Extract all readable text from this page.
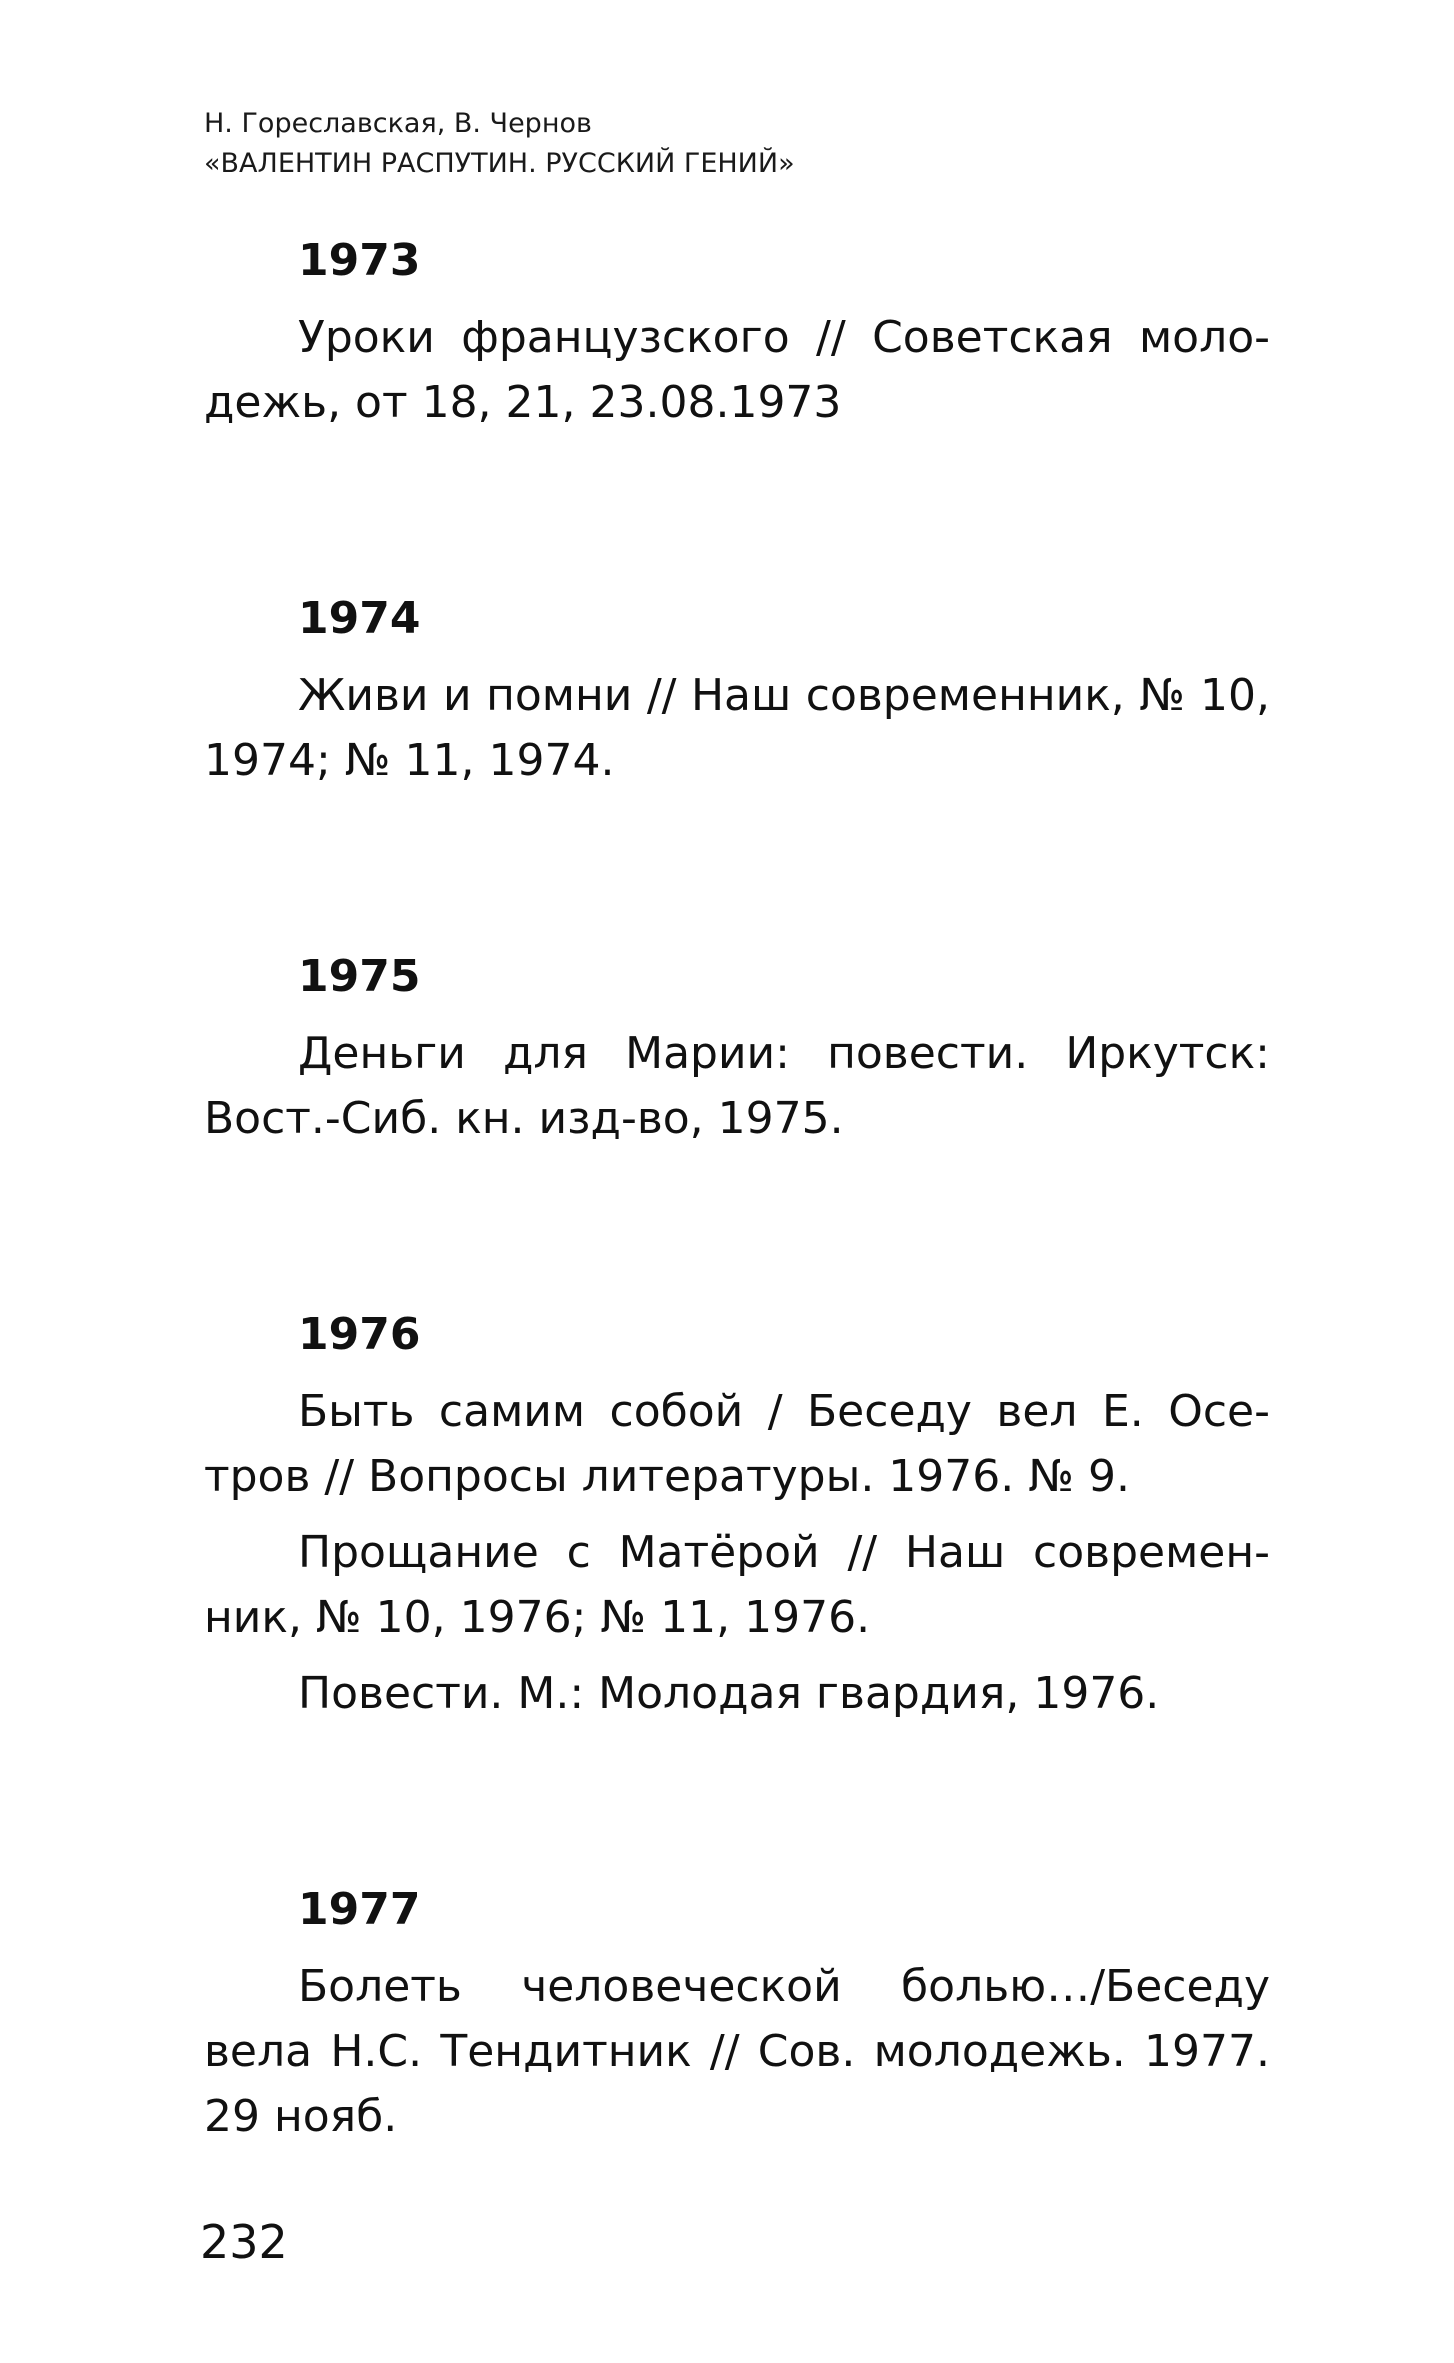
Н. Гореславская, В. Чернов
«ВАЛЕНТИН РАСПУТИН. РУССКИЙ ГЕНИЙ»
1973

Уроки французского // Советская моло-дежь, от 18, 21, 23.08.1973

1974

Живи и помни // Наш современник, № 10, 1974; № 11, 1974.

1975

Деньги для Марии: повести. Иркутск: Вост.-Сиб. кн. изд-во, 1975.

1976

Быть самим собой / Беседу вел Е. Осе-тров // Вопросы литературы. 1976. № 9.

Прощание с Матёрой // Наш современ-ник, № 10, 1976; № 11, 1976.

Повести. М.: Молодая гвардия, 1976.

1977

Болеть человеческой болью…/Беседу вела Н.С. Тендитник // Сов. молодежь. 1977. 29 нояб.

232
